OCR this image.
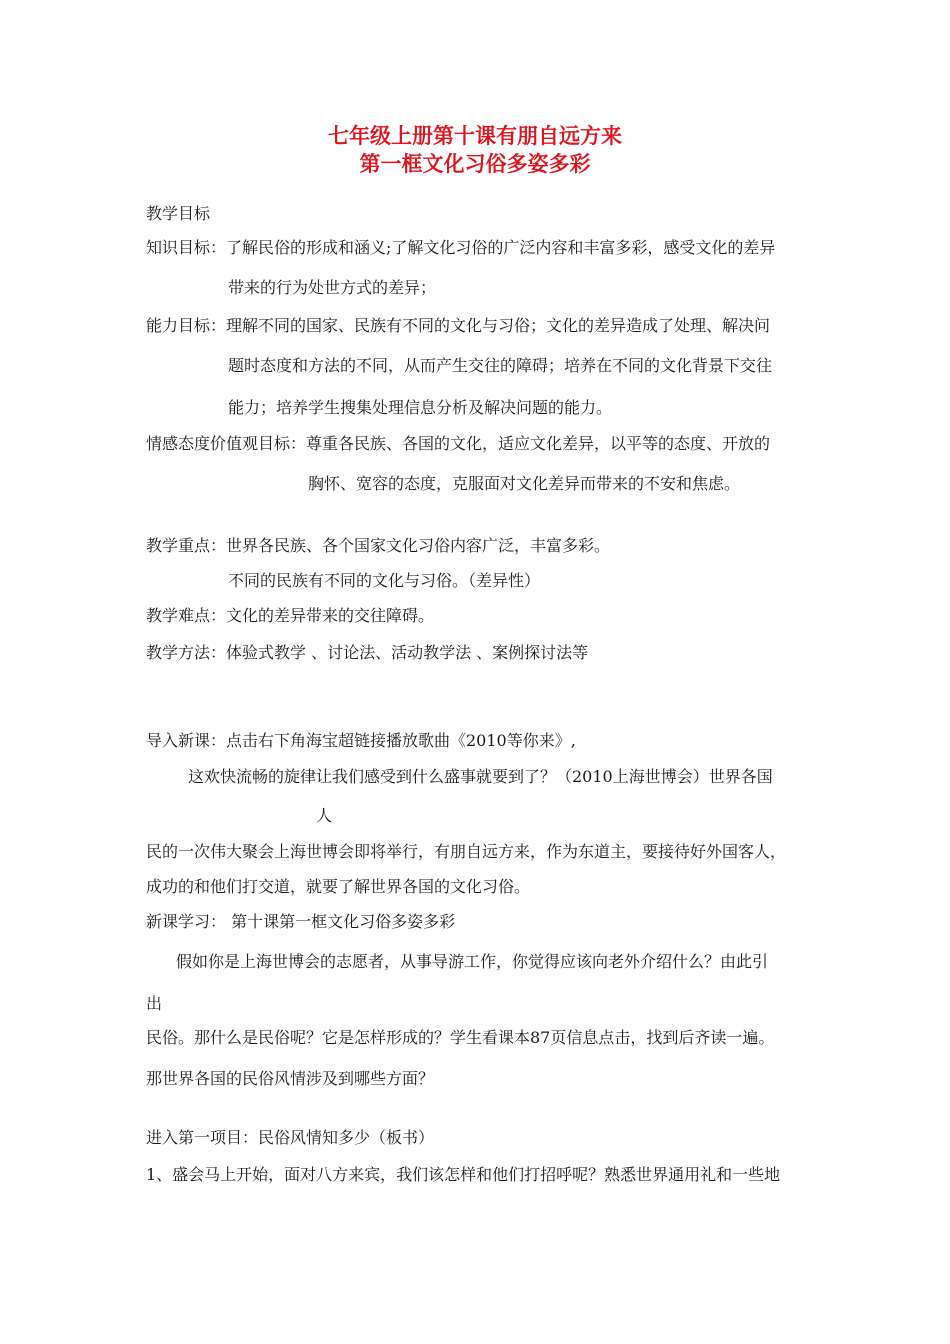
七年级上册第十课有朋自远方来
第一框文化习俗多姿多彩
教学目标
知识目标：了解民俗的形成和涵义;了解文化习俗的广泛内容和丰富多彩，感受文化的差异
带来的行为处世方式的差异；
能力目标：理解不同的国家、民族有不同的文化与习俗；文化的差异造成了处理、解决问
题时态度和方法的不同，从而产生交往的障碍；培养在不同的文化背景下交往
能力；培养学生搜集处理信息分析及解决问题的能力。
情感态度价值观目标：尊重各民族、各国的文化，适应文化差异，以平等的态度、开放的
胸怀、宽容的态度，克服面对文化差异而带来的不安和焦虑。
教学重点：世界各民族、各个国家文化习俗内容广泛，丰富多彩。
不同的民族有不同的文化与习俗。（差异性）
教学难点：文化的差异带来的交往障碍。
教学方法：体验式教学 、讨论法、活动教学法 、案例探讨法等
导入新课：点击右下角海宝超链接播放歌曲《2010等你来》,
这欢快流畅的旋律让我们感受到什么盛事就要到了？（2010上海世博会）世界各国
人
民的一次伟大聚会上海世博会即将举行，有朋自远方来，作为东道主，要接待好外国客人，
成功的和他们打交道，就要了解世界各国的文化习俗。
新课学习： 第十课第一框文化习俗多姿多彩
假如你是上海世博会的志愿者，从事导游工作，你觉得应该向老外介绍什么？由此引
出
民俗。那什么是民俗呢？它是怎样形成的？学生看课本87页信息点击，找到后齐读一遍。
那世界各国的民俗风情涉及到哪些方面？
进入第一项目：民俗风情知多少（板书）
1、盛会马上开始，面对八方来宾，我们该怎样和他们打招呼呢？熟悉世界通用礼和一些地
